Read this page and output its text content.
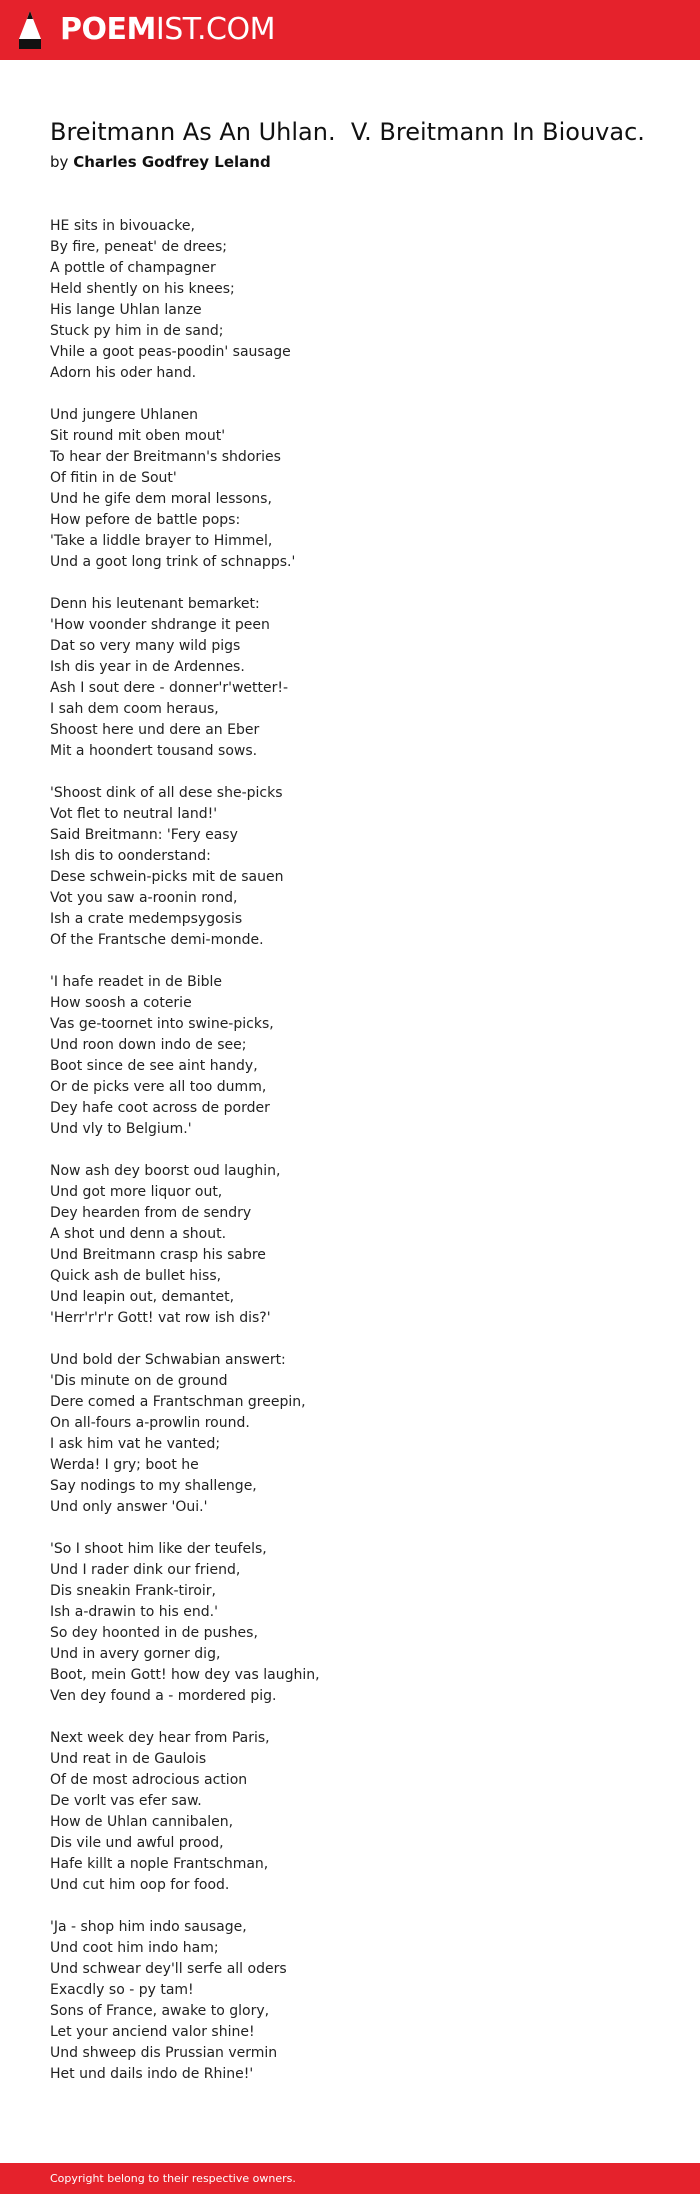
POEMIST.COM
Breitmann As An Uhlan.  V. Breitmann In Biouvac.
by Charles Godfrey Leland
HE sits in bivouacke,
By fire, peneat' de drees;
A pottle of champagner
Held shently on his knees;
His lange Uhlan lanze
Stuck py him in de sand;
Vhile a goot peas-poodin' sausage
Adorn his oder hand.
Und jungere Uhlanen
Sit round mit oben mout'
To hear der Breitmann's shdories
Of fitin in de Sout'
Und he gife dem moral lessons,
How pefore de battle pops:
'Take a liddle brayer to Himmel,
Und a goot long trink of schnapps.'
Denn his leutenant bemarket:
'How voonder shdrange it peen
Dat so very many wild pigs
Ish dis year in de Ardennes.
Ash I sout dere - donner'r'wetter!-
I sah dem coom heraus,
Shoost here und dere an Eber
Mit a hoondert tousand sows.
'Shoost dink of all dese she-picks
Vot flet to neutral land!'
Said Breitmann: 'Fery easy
Ish dis to oonderstand:
Dese schwein-picks mit de sauen
Vot you saw a-roonin rond,
Ish a crate medempsygosis
Of the Frantsche demi-monde.
'I hafe readet in de Bible
How soosh a coterie
Vas ge-toornet into swine-picks,
Und roon down indo de see;
Boot since de see aint handy,
Or de picks vere all too dumm,
Dey hafe coot across de porder
Und vly to Belgium.'
Now ash dey boorst oud laughin,
Und got more liquor out,
Dey hearden from de sendry
A shot und denn a shout.
Und Breitmann crasp his sabre
Quick ash de bullet hiss,
Und leapin out, demantet,
'Herr'r'r'r Gott! vat row ish dis?'
Und bold der Schwabian answert:
'Dis minute on de ground
Dere comed a Frantschman greepin,
On all-fours a-prowlin round.
I ask him vat he vanted;
Werda! I gry; boot he
Say nodings to my shallenge,
Und only answer 'Oui.'
'So I shoot him like der teufels,
Und I rader dink our friend,
Dis sneakin Frank-tiroir,
Ish a-drawin to his end.'
So dey hoonted in de pushes,
Und in avery gorner dig,
Boot, mein Gott! how dey vas laughin,
Ven dey found a - mordered pig.
Next week dey hear from Paris,
Und reat in de Gaulois
Of de most adrocious action
De vorlt vas efer saw.
How de Uhlan cannibalen,
Dis vile und awful prood,
Hafe killt a nople Frantschman,
Und cut him oop for food.
'Ja - shop him indo sausage,
Und coot him indo ham;
Und schwear dey'll serfe all oders
Exacdly so - py tam!
Sons of France, awake to glory,
Let your anciend valor shine!
Und shweep dis Prussian vermin
Het und dails indo de Rhine!'
Copyright belong to their respective owners.
